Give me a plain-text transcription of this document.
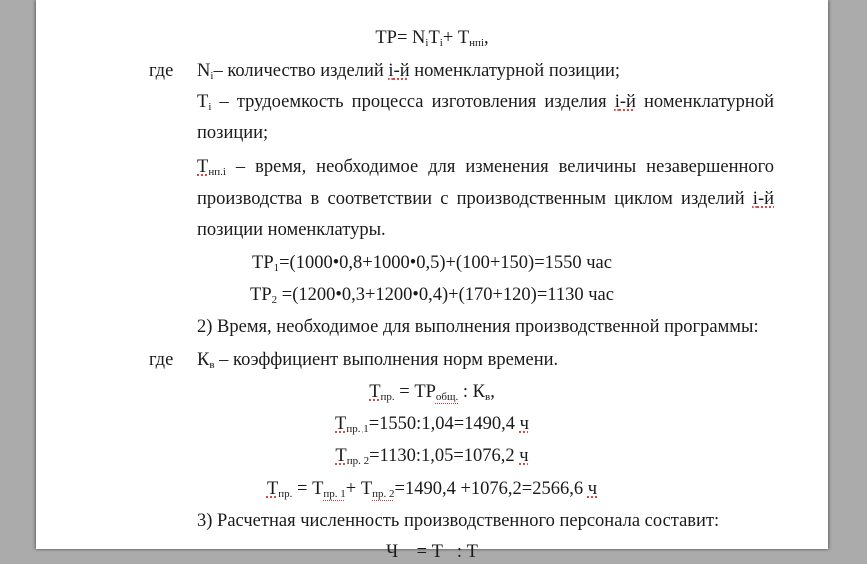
$ТР= N_iT_i+ Т_{нпi}$,
где $N_i-$ количество изделий i-й номенклатурной позиции;
$Т_i$ – трудоемкость процесса изготовления изделия i-й номенклатурной
позиции;
$Т_{нп.i}$ – время, необходимое для изменения величины незавершенного
производства в соответствии с производственным циклом изделий i-й
позиции номенклатуры.
$ТР_1=(1000•0,8+1000•0,5)+(100+150)=1550$ час
$ТР_2$ =(1200•0,3+1200•0,4)+(170+120)=1130 час
2) Время, необходимое для выполнения производственной программы:
где $К_в$ – коэффициент выполнения норм времени.
$Т_{пр.} = ТР_{общ.}$ : $К_в$,
$Т_{пр. 1}=1550:1,04=1490,4$ ч
$Т_{пр. 2}=1130:1,05=1076,2$ ч
$Т_{пр.} = Т_{пр. 1}+ Т_{пр. 2}=1490,4 +1076,2=2566,6$ ч
3) Расчетная численность производственного персонала составит:
Ч    = Т   : Т
